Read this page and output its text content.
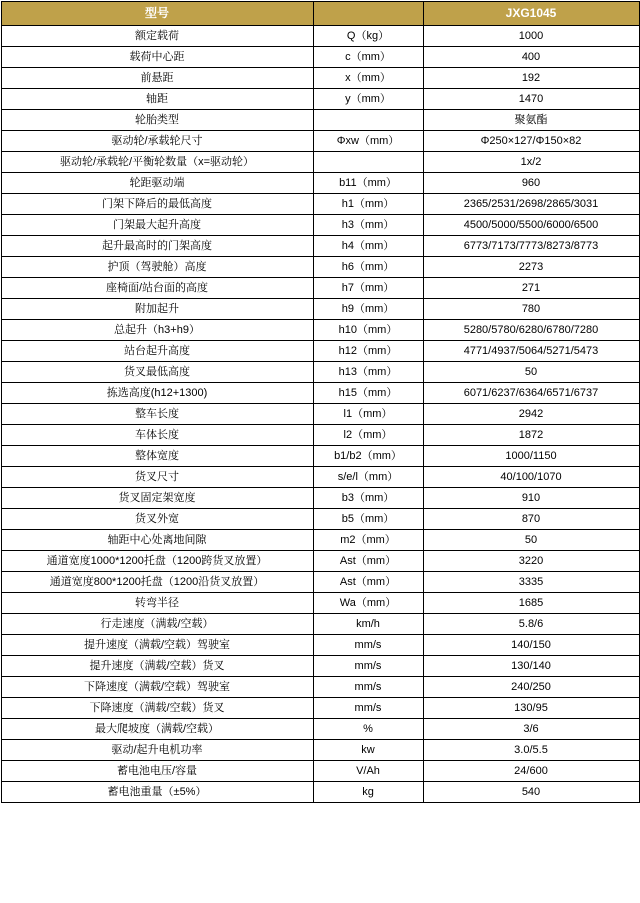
型号		JXG1045
额定载荷	Q（kg）	1000
载荷中心距	c（mm）	400
前悬距	x（mm）	192
轴距	y（mm）	1470
轮胎类型		聚氨酯
驱动轮/承载轮尺寸	Φxw（mm）	Φ250×127/Φ150×82
驱动轮/承载轮/平衡轮数量（x=驱动轮）		1x/2
轮距驱动端	b11（mm）	960
门架下降后的最低高度	h1（mm）	2365/2531/2698/2865/3031
门架最大起升高度	h3（mm）	4500/5000/5500/6000/6500
起升最高时的门架高度	h4（mm）	6773/7173/7773/8273/8773
护顶（驾驶舱）高度	h6（mm）	2273
座椅面/站台面的高度	h7（mm）	271
附加起升	h9（mm）	780
总起升（h3+h9）	h10（mm）	5280/5780/6280/6780/7280
站台起升高度	h12（mm）	4771/4937/5064/5271/5473
货叉最低高度	h13（mm）	50
拣选高度(h12+1300)	h15（mm）	6071/6237/6364/6571/6737
整车长度	l1（mm）	2942
车体长度	l2（mm）	1872
整体宽度	b1/b2（mm）	1000/1150
货叉尺寸	s/e/l（mm）	40/100/1070
货叉固定架宽度	b3（mm）	910
货叉外宽	b5（mm）	870
轴距中心处离地间隙	m2（mm）	50
通道宽度1000*1200托盘（1200跨货叉放置）	Ast（mm）	3220
通道宽度800*1200托盘（1200沿货叉放置）	Ast（mm）	3335
转弯半径	Wa（mm）	1685
行走速度（满载/空载）	km/h	5.8/6
提升速度（满载/空载）驾驶室	mm/s	140/150
提升速度（满载/空载）货叉	mm/s	130/140
下降速度（满载/空载）驾驶室	mm/s	240/250
下降速度（满载/空载）货叉	mm/s	130/95
最大爬坡度（满载/空载）	%	3/6
驱动/起升电机功率	kw	3.0/5.5
蓄电池电压/容量	V/Ah	24/600
蓄电池重量（±5%）	kg	540
